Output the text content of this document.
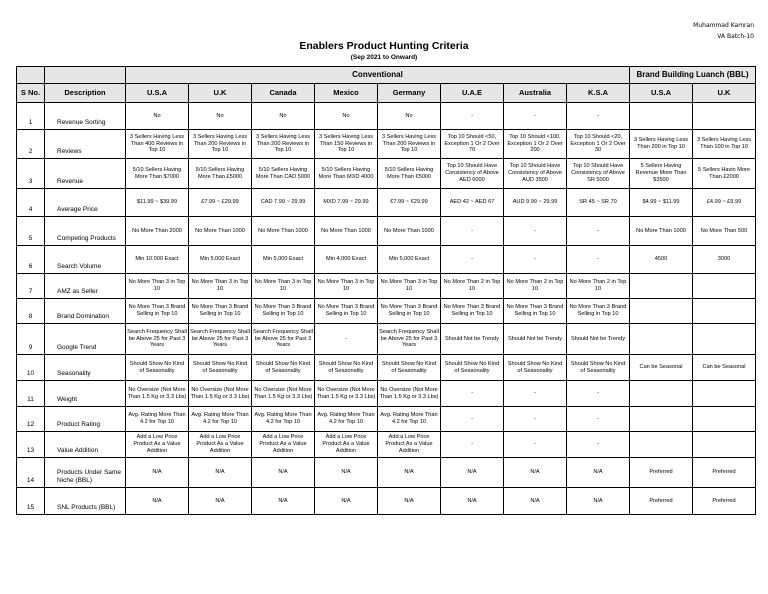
Muhammad Kamran
VA Batch-10
Enablers Product Hunting Criteria
(Sep 2021 to Onward)
		Conventional								Brand Building Luanch (BBL)	
S No.	Description	U.S.A	U.K	Canada	Mexico	Germany	U.A.E	Australia	K.S.A	U.S.A	U.K
1	Revenue Sorting	No	No	No	No	No	-	-	-		
2	Reviews	3 Sellers Having Less Than 400 Reviews in Top 10	3 Sellers Having Less Than 200 Reviews in Top 10	3 Sellers Having Less Than 200 Reviews in Top 10	3 Sellers Having Less Than 150 Reviews in Top 10	3 Sellers Having Less Than 200 Reviews in Top 10	Top 10 Should <50, Exception 1 Or 2 Over 70	Top 10 Should <100, Exception 1 Or 2 Over 200	Top 10 Should <20, Exception 1 Or 2 Over 30	3 Sellers Having Less Than 200 in Top 10	3 Sellers Having Less Than 100 in Top 10
3	Revenue	5/10 Sellers Having More Than $7000	5/10 Sellers Having More Than £5000	5/10 Sellers Having More Than CAD 5000	5/10 Sellers Having More Than MXD 4000	5/10 Sellers Having More Than €5000	Top 10 Should Have Consistency of Above AED 6000	Top 10 Should Have Consistency of Above AUD 3500	Top 10 Should Have Consistency of Above SR 5000	5 Sellers Having Revenue More Than $3500	5 Sellers Havin More Than £2000
4	Average Price	$11.99 ~ $39.99	£7.99 ~ £29.99	CAD 7.99 ~ 29.99	MXD 7.99 ~ 29.99	€7.99 ~ €29.99	AED 42 ~ AED 67	AUD 9.99 ~ 29.99	SR 45 ~ SR 70	$4.99 ~ $11.99	£4.99 ~ £9.99
5	Competing Products	No More Than 2000	No More Than 1000	No More Than 1000	No More Than 1000	No More Than 1000	-	-	-	No More Than 1000	No More Than 500
6	Search Volume	Min 10,000 Exact	Min 5,000 Exact	Min 5,000 Exact	Min 4,000 Exact	Min 5,000 Exact	-	-	-	4500	3000
7	AMZ as Seller	No More Than 3 in Top 10	No More Than 3 in Top 10	No More Than 3 in Top 10	No More Than 3 in Top 10	No More Than 3 in Top 10	No More Than 2 in Top 10	No More Than 2 in Top 10	No More Than 2 in Top 10		
8	Brand Domination	No More Than 3 Brand Selling in Top 10	No More Than 3 Brand Selling in Top 10	No More Than 3 Brand Selling in Top 10	No More Than 3 Brand Selling in Top 10	No More Than 3 Brand Selling in Top 10	No More Than 3 Brand Selling in Top 10	No More Than 3 Brand Selling in Top 10	No More Than 3 Brand Selling in Top 10		
9	Google Trend	Search Frequency Shall be Above 25 for Past 3 Years	Search Frequency Shall be Above 25 for Past 3 Years	Search Frequency Shall be Above 25 for Past 3 Years	-	Search Frequency Shall be Above 25 for Past 3 Years	Should Not be Trendy	Should Not be Trendy	Should Not be Trendy		
10	Seasonality	Should Show No Kind of Seasonality	Should Show No Kind of Seasonality	Should Show No Kind of Seasonality	Should Show No Kind of Seasonality	Should Show No Kind of Seasonality	Should Show No Kind of Seasonality	Should Show No Kind of Seasonality	Should Show No Kind of Seasonality	Can be Seasonal	Can be Seasonal
11	Weight	No Oversize (Not More Than 1.5 Kg or 3.3 Lbs)	No Oversize (Not More Than 1.5 Kg or 3.3 Lbs)	No Oversize (Not More Than 1.5 Kg or 3.3 Lbs)	No Oversize (Not More Than 1.5 Kg or 3.3 Lbs)	No Oversize (Not More Than 1.5 Kg or 3.3 Lbs)	-	-	-		
12	Product Rating	Avg. Rating More Than 4.2 for Top 10	Avg. Rating More Than 4.2 for Top 10	Avg. Rating More Than 4.2 for Top 10	Avg. Rating More Than 4.2 for Top 10	Avg. Rating More Than 4.2 for Top 10	-	-	-		
13	Value Addition	Add a Low Price Product As a Value Addition	Add a Low Price Product As a Value Addition	Add a Low Price Product As a Value Addition	Add a Low Price Product As a Value Addition	Add a Low Price Product As a Value Addition	-	-	-		
14	Products Under Same Niche (BBL)	N/A	N/A	N/A	N/A	N/A	N/A	N/A	N/A	Preferred	Preferred
15	SNL Products (BBL)	N/A	N/A	N/A	N/A	N/A	N/A	N/A	N/A	Preferred	Preferred
